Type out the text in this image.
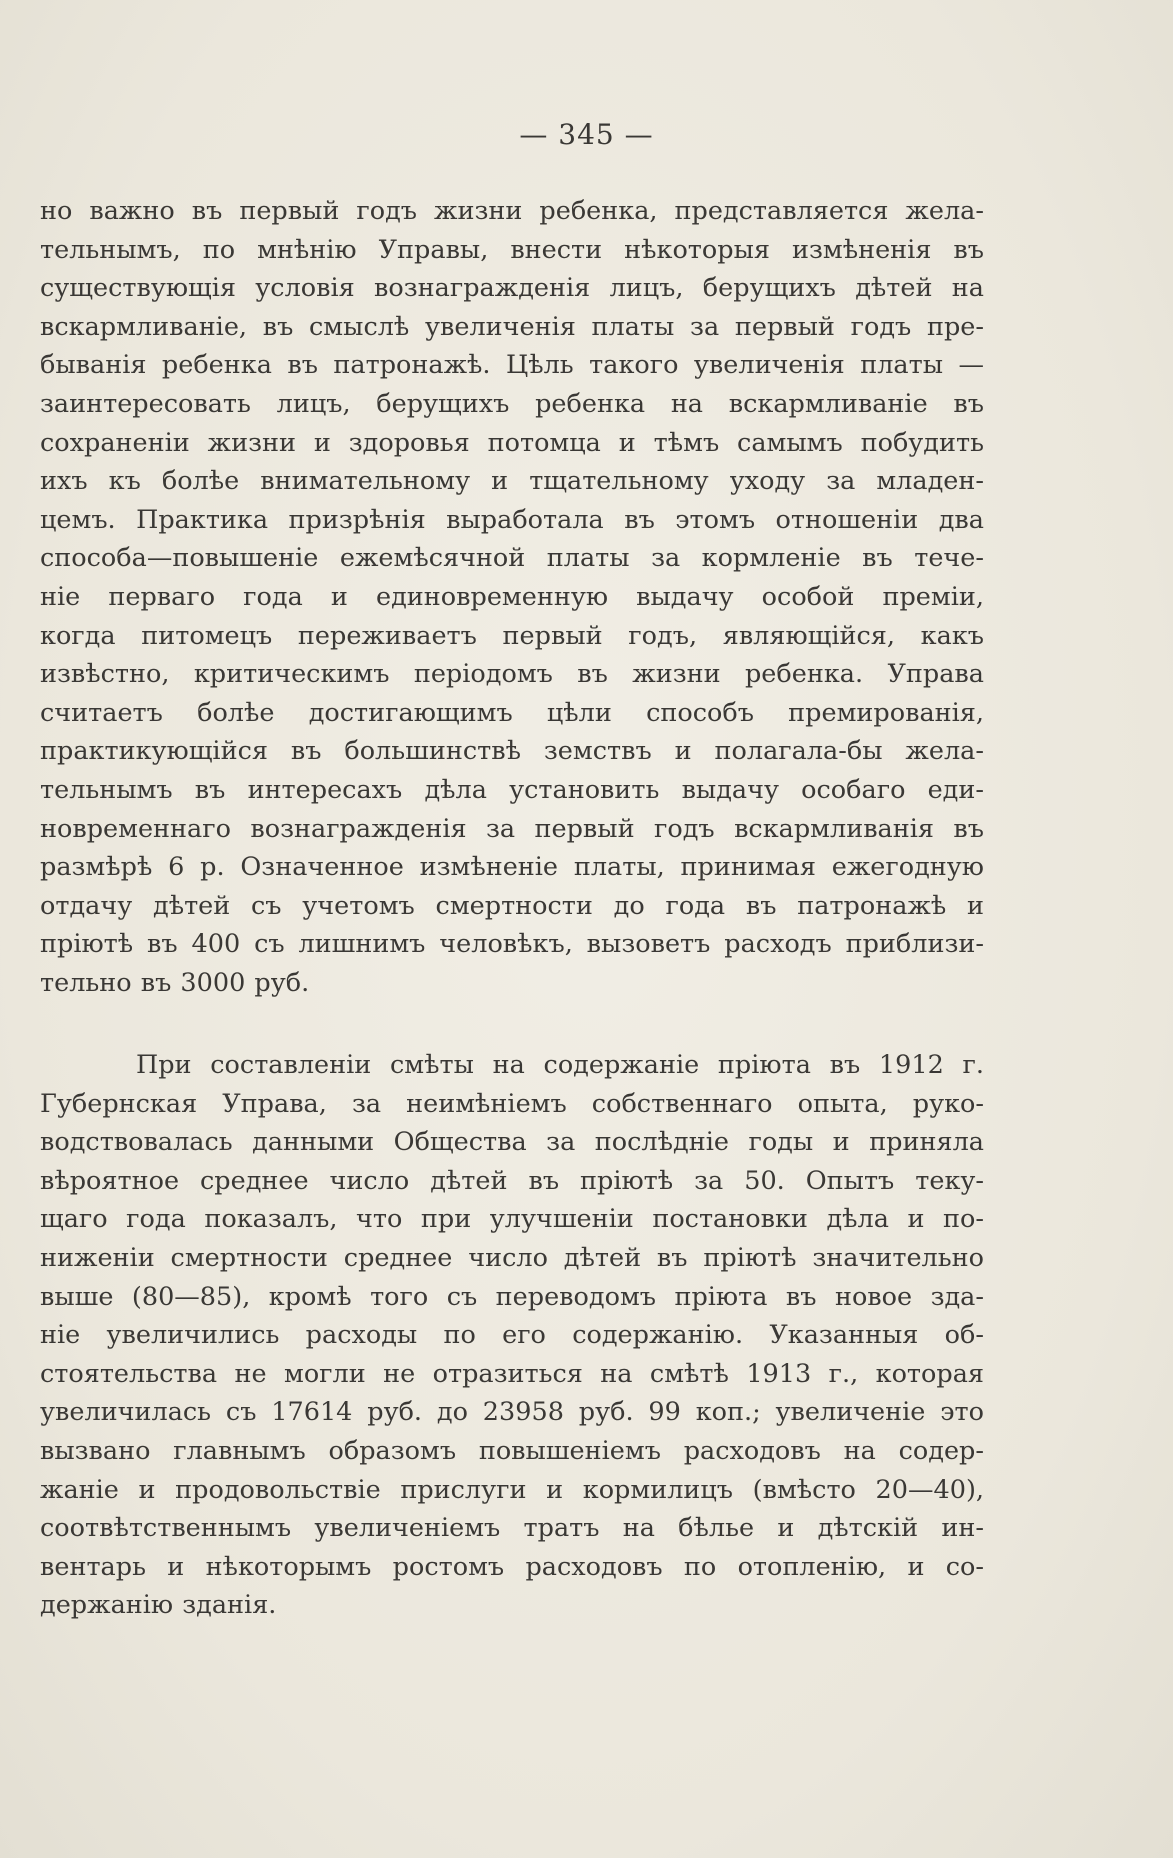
— 345 —

но важно въ первый годъ жизни ребенка, представляется жела-
тельнымъ, по мнѣнію Управы, внести нѣкоторыя измѣненія въ
существующія условія вознагражденія лицъ, берущихъ дѣтей на
вскармливаніе, въ смыслѣ увеличенія платы за первый годъ пре-
быванія ребенка въ патронажѣ. Цѣль такого увеличенія платы —
заинтересовать лицъ, берущихъ ребенка на вскармливаніе въ
сохраненіи жизни и здоровья потомца и тѣмъ самымъ побудить
ихъ къ болѣе внимательному и тщательному уходу за младен-
цемъ. Практика призрѣнія выработала въ этомъ отношеніи два
способа—повышеніе ежемѣсячной платы за кормленіе въ тече-
ніе перваго года и единовременную выдачу особой преміи,
когда питомецъ переживаетъ первый годъ, являющійся, какъ
извѣстно, критическимъ періодомъ въ жизни ребенка. Управа
считаетъ болѣе достигающимъ цѣли способъ премированія,
практикующійся въ большинствѣ земствъ и полагала-бы жела-
тельнымъ въ интересахъ дѣла установить выдачу особаго еди-
новременнаго вознагражденія за первый годъ вскармливанія въ
размѣрѣ 6 р. Означенное измѣненіе платы, принимая ежегодную
отдачу дѣтей съ учетомъ смертности до года въ патронажѣ и
пріютѣ въ 400 съ лишнимъ человѣкъ, вызоветъ расходъ приблизи-
тельно въ 3000 руб.

При составленіи смѣты на содержаніе пріюта въ 1912 г.
Губернская Управа, за неимѣніемъ собственнаго опыта, руко-
водствовалась данными Общества за послѣдніе годы и приняла
вѣроятное среднее число дѣтей въ пріютѣ за 50. Опытъ теку-
щаго года показалъ, что при улучшеніи постановки дѣла и по-
ниженіи смертности среднее число дѣтей въ пріютѣ значительно
выше (80—85), кромѣ того съ переводомъ пріюта въ новое зда-
ніе увеличились расходы по его содержанію. Указанныя об-
стоятельства не могли не отразиться на смѣтѣ 1913 г., которая
увеличилась съ 17614 руб. до 23958 руб. 99 коп.; увеличеніе это
вызвано главнымъ образомъ повышеніемъ расходовъ на содер-
жаніе и продовольствіе прислуги и кормилицъ (вмѣсто 20—40),
соотвѣтственнымъ увеличеніемъ тратъ на бѣлье и дѣтскій ин-
вентарь и нѣкоторымъ ростомъ расходовъ по отопленію, и со-
держанію зданія.
